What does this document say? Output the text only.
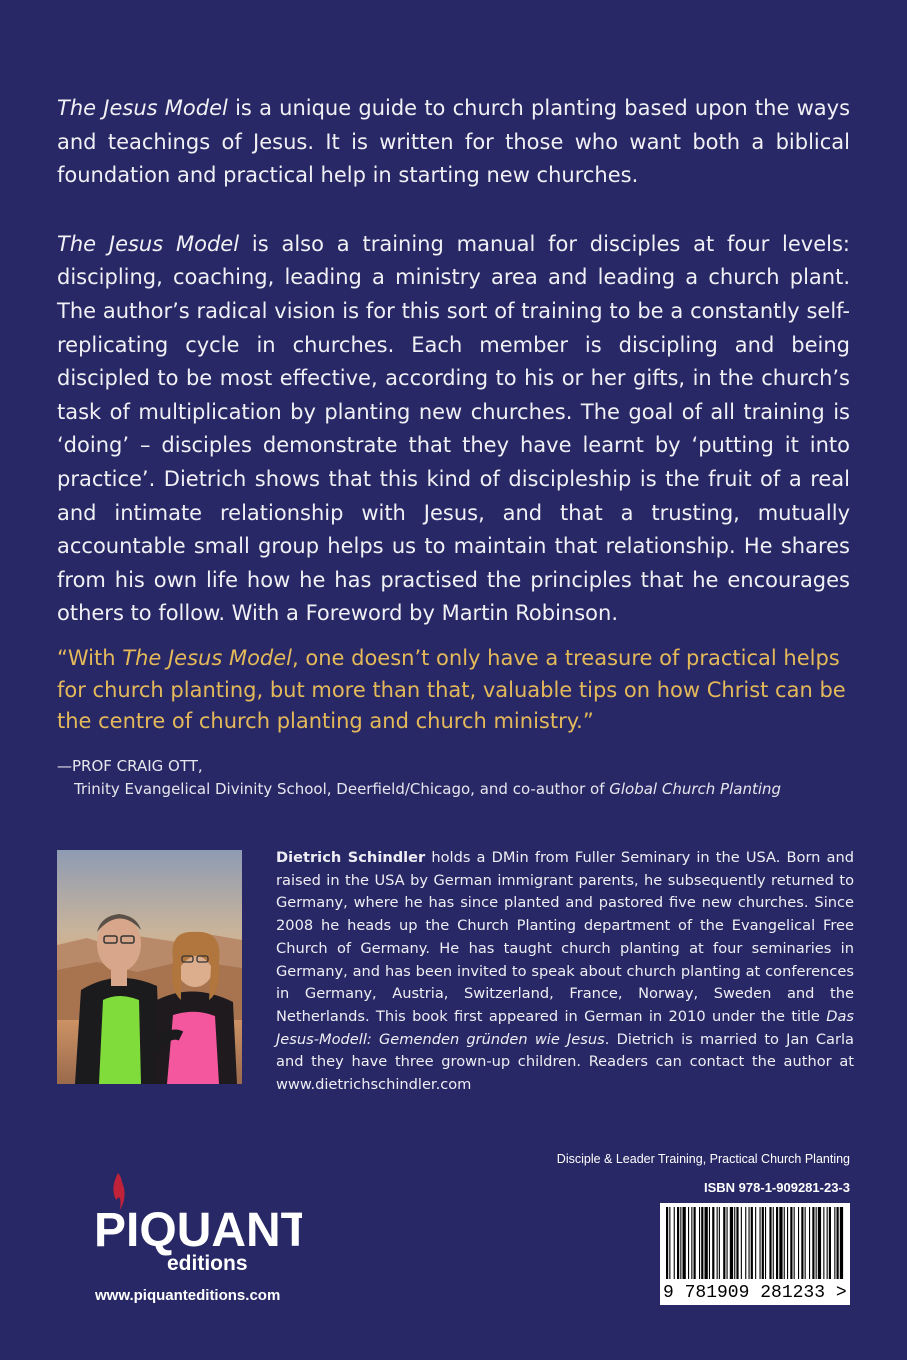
The Jesus Model is a unique guide to church planting based upon the ways and teachings of Jesus. It is written for those who want both a biblical foundation and practical help in starting new churches.

The Jesus Model is also a training manual for disciples at four levels: discipling, coaching, leading a ministry area and leading a church plant. The author’s radical vision is for this sort of training to be a constantly self-replicating cycle in churches. Each member is discipling and being discipled to be most effective, according to his or her gifts, in the church’s task of multiplication by planting new churches. The goal of all training is ‘doing’ – disciples demonstrate that they have learnt by ‘putting it into practice’. Dietrich shows that this kind of discipleship is the fruit of a real and intimate relationship with Jesus, and that a trusting, mutually accountable small group helps us to maintain that relationship. He shares from his own life how he has practised the principles that he encourages others to follow. With a Foreword by Martin Robinson.

“With The Jesus Model, one doesn’t only have a treasure of practical helps for church planting, but more than that, valuable tips on how Christ can be the centre of church planting and church ministry.”

—PROF CRAIG OTT,
Trinity Evangelical Divinity School, Deerfield/Chicago, and co-author of Global Church Planting

Dietrich Schindler holds a DMin from Fuller Seminary in the USA. Born and raised in the USA by German immigrant parents, he subsequently returned to Germany, where he has since planted and pastored five new churches. Since 2008 he heads up the Church Planting department of the Evangelical Free Church of Germany. He has taught church planting at four seminaries in Germany, and has been invited to speak about church planting at conferences in Germany, Austria, Switzerland, France, Norway, Sweden and the Netherlands. This book first appeared in German in 2010 under the title Das Jesus-Modell: Gemenden gründen wie Jesus. Dietrich is married to Jan Carla and they have three grown-up children. Readers can contact the author at www.dietrichschindler.com

Disciple & Leader Training, Practical Church Planting
ISBN 978-1-909281-23-3
9 781909 281233 >
PIQUANT
editions
www.piquanteditions.com
